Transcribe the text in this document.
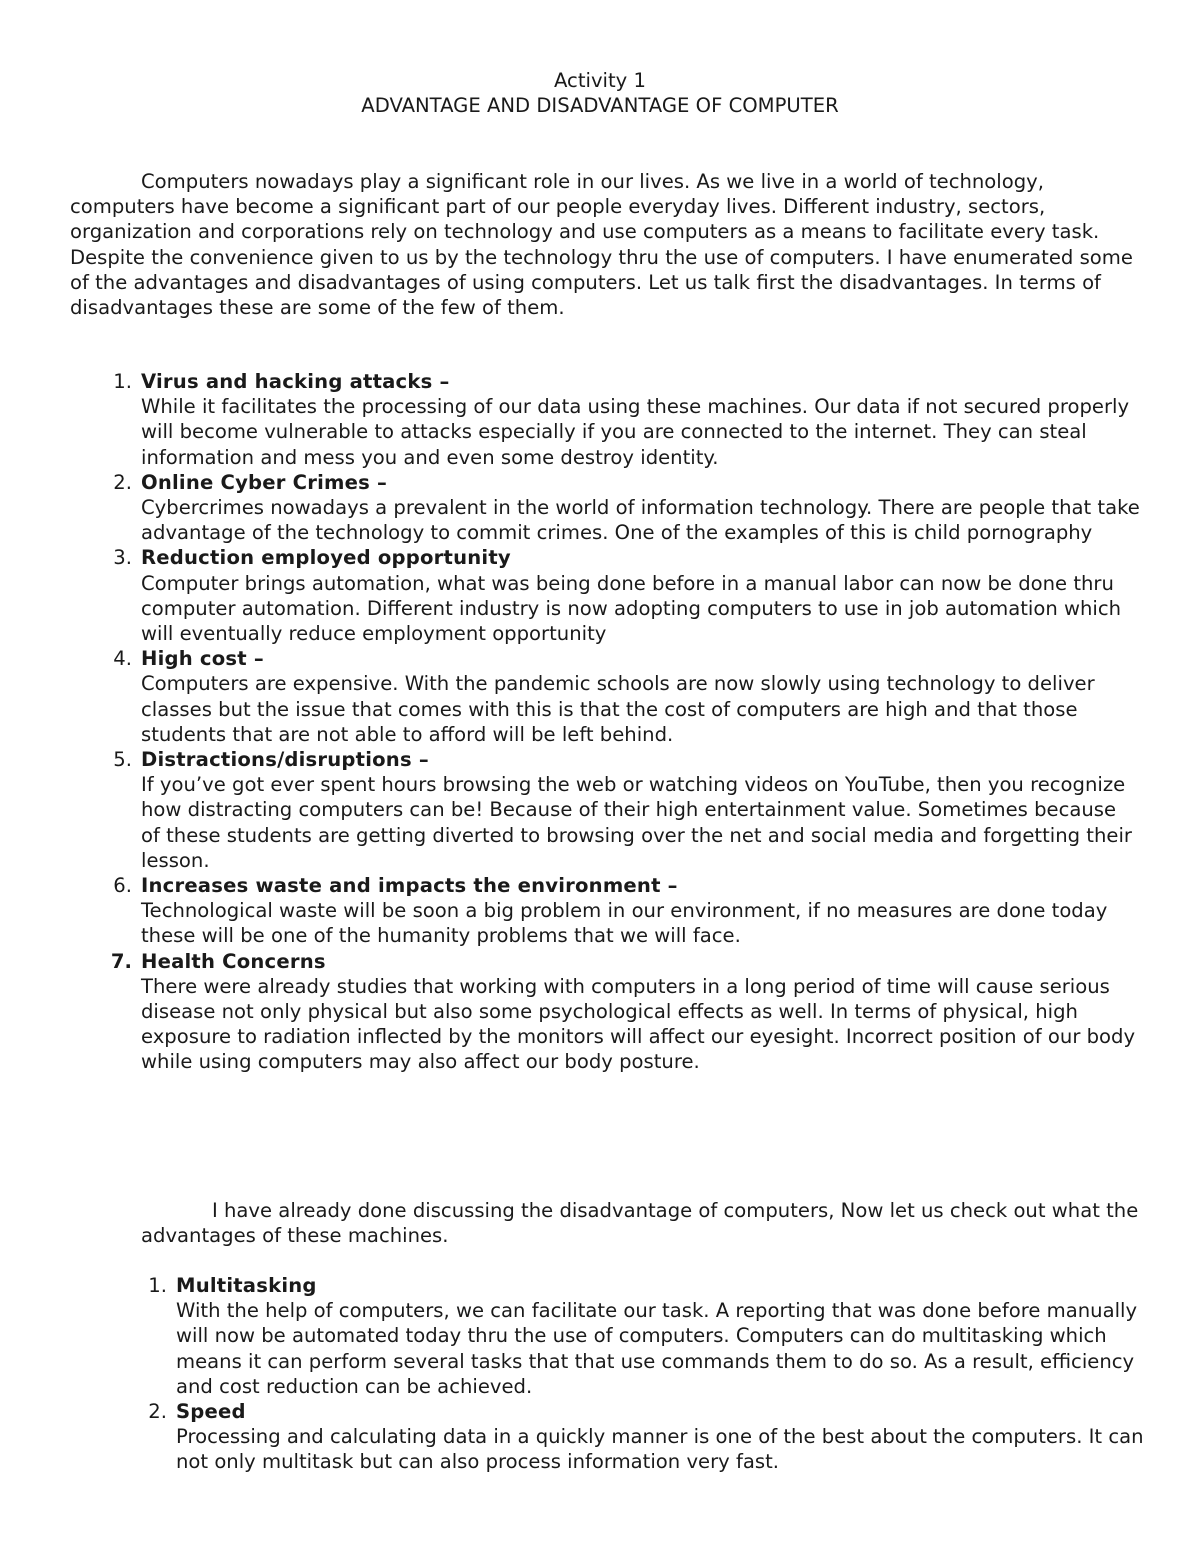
Activity 1
ADVANTAGE AND DISADVANTAGE OF COMPUTER

Computers nowadays play a significant role in our lives. As we live in a world of technology, computers have become a significant part of our people everyday lives. Different industry, sectors, organization and corporations rely on technology and use computers as a means to facilitate every task. Despite the convenience given to us by the technology thru the use of computers. I have enumerated some of the advantages and disadvantages of using computers. Let us talk first the disadvantages. In terms of disadvantages these are some of the few of them.

1. Virus and hacking attacks –
While it facilitates the processing of our data using these machines. Our data if not secured properly will become vulnerable to attacks especially if you are connected to the internet. They can steal information and mess you and even some destroy identity.
2. Online Cyber Crimes –
Cybercrimes nowadays a prevalent in the world of information technology. There are people that take advantage of the technology to commit crimes. One of the examples of this is child pornography
3. Reduction employed opportunity
Computer brings automation, what was being done before in a manual labor can now be done thru computer automation. Different industry is now adopting computers to use in job automation which will eventually reduce employment opportunity
4. High cost –
Computers are expensive. With the pandemic schools are now slowly using technology to deliver classes but the issue that comes with this is that the cost of computers are high and that those students that are not able to afford will be left behind.
5. Distractions/disruptions –
If you’ve got ever spent hours browsing the web or watching videos on YouTube, then you recognize how distracting computers can be! Because of their high entertainment value. Sometimes because of these students are getting diverted to browsing over the net and social media and forgetting their lesson.
6. Increases waste and impacts the environment –
Technological waste will be soon a big problem in our environment, if no measures are done today these will be one of the humanity problems that we will face.
7. Health Concerns
There were already studies that working with computers in a long period of time will cause serious disease not only physical but also some psychological effects as well. In terms of physical, high exposure to radiation inflected by the monitors will affect our eyesight. Incorrect position of our body while using computers may also affect our body posture.

I have already done discussing the disadvantage of computers, Now let us check out what the advantages of these machines.

1. Multitasking
With the help of computers, we can facilitate our task. A reporting that was done before manually will now be automated today thru the use of computers. Computers can do multitasking which means it can perform several tasks that that use commands them to do so. As a result, efficiency and cost reduction can be achieved.
2. Speed
Processing and calculating data in a quickly manner is one of the best about the computers. It can not only multitask but can also process information very fast.
